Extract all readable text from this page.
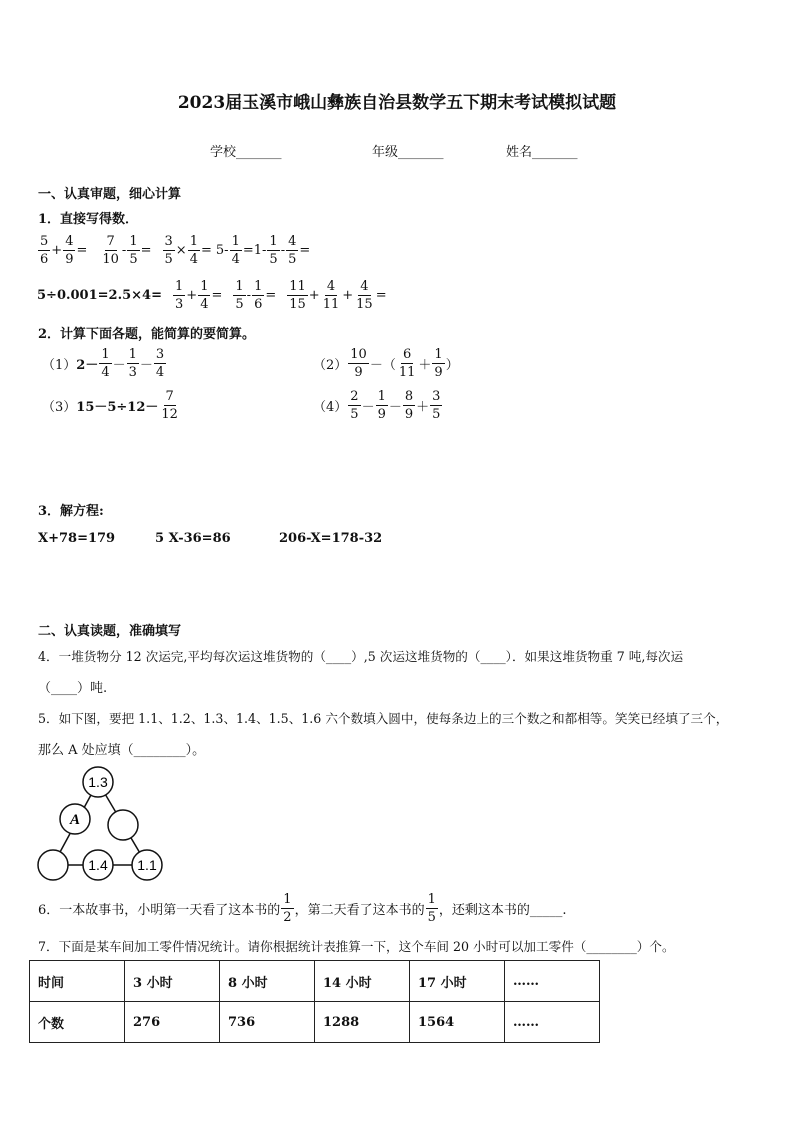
2023届玉溪市峨山彝族自治县数学五下期末考试模拟试题
学校_______	年级_______	姓名_______
一、认真审题，细心计算
1．直接写得数．
$\frac{5}{6} + \frac{4}{9} = \frac{7}{10} - \frac{1}{5} = \frac{3}{5} \times \frac{1}{4} = 5- \frac{1}{4} = 1- \frac{1}{5} - \frac{4}{5}$ =
$5\div 0.001= 2.5\times 4= \frac{1}{3} + \frac{1}{4} = \frac{1}{5} - \frac{1}{6} = \frac{11}{15} + \frac{4}{11} + \frac{4}{15}$ =
2．计算下面各题，能简算的要简算。
（1） $2- \frac{1}{4} - \frac{1}{3} - \frac{3}{4}$	$(2) \frac{10}{9}$ － （ $\frac{6}{11} + \frac{1}{9}$ ）
（3） $15-5\div 12- \frac{7}{12}$	$(4) \frac{2}{5} - \frac{1}{9} - \frac{8}{9} + \frac{3}{5}$
3．解方程:
X+78=179	5 X-36=86	206-X=178-32
二、认真读题，准确填写
4．一堆货物分 12 次运完,平均每次运这堆货物的（____）,5 次运这堆货物的（____）．如果这堆货物重 7 吨,每次运
（____）吨.
5．如下图，要把 1.1、1.2、1.3、1.4、1.5、1.6 六个数填入圆中，使每条边上的三个数之和都相等。笑笑已经填了三个，
那么 A 处应填（________）。
1.3
A
1.4 1.1
6．一本故事书，小明第一天看了这本书的 $\frac{1}{2}$ ，第二天看了这本书的 $\frac{1}{5}$ ，还剩这本书的_____.
7．下面是某车间加工零件情况统计。请你根据统计表推算一下，这个车间 20 小时可以加工零件（________）个。
时间	3 小时	8 小时	14 小时	17 小时	……
个数	276	736	1288	1564	……
